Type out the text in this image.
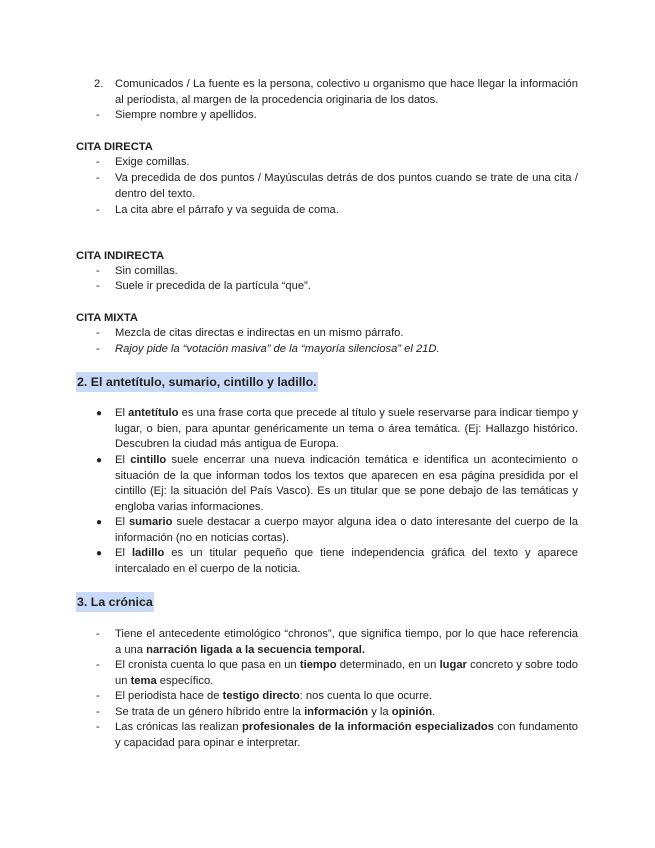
2. Comunicados / La fuente es la persona, colectivo u organismo que hace llegar la información al periodista, al margen de la procedencia originaria de los datos.
- Siempre nombre y apellidos.
CITA DIRECTA
- Exige comillas.
- Va precedida de dos puntos / Mayúsculas detrás de dos puntos cuando se trate de una cita / dentro del texto.
- La cita abre el párrafo y va seguida de coma.
CITA INDIRECTA
- Sin comillas.
- Suele ir precedida de la partícula “que”.
CITA MIXTA
- Mezcla de citas directas e indirectas en un mismo párrafo.
- Rajoy pide la “votación masiva” de la “mayoría silenciosa” el 21D.
2. El antetítulo, sumario, cintillo y ladillo.
● El antetítulo es una frase corta que precede al título y suele reservarse para indicar tiempo y lugar, o bien, para apuntar genéricamente un tema o área temática. (Ej: Hallazgo histórico. Descubren la ciudad más antigua de Europa.
● El cintillo suele encerrar una nueva indicación temática e identifica un acontecimiento o situación de la que informan todos los textos que aparecen en esa página presidida por el cintillo (Ej: la situación del País Vasco). Es un titular que se pone debajo de las temáticas y engloba varias informaciones.
● El sumario suele destacar a cuerpo mayor alguna idea o dato interesante del cuerpo de la información (no en noticias cortas).
● El ladillo es un titular pequeño que tiene independencia gráfica del texto y aparece intercalado en el cuerpo de la noticia.
3. La crónica
- Tiene el antecedente etimológico “chronos”, que significa tiempo, por lo que hace referencia a una narración ligada a la secuencia temporal.
- El cronista cuenta lo que pasa en un tiempo determinado, en un lugar concreto y sobre todo un tema específico.
- El periodista hace de testigo directo: nos cuenta lo que ocurre.
- Se trata de un género híbrido entre la información y la opinión.
- Las crónicas las realizan profesionales de la información especializados con fundamento y capacidad para opinar e interpretar.
